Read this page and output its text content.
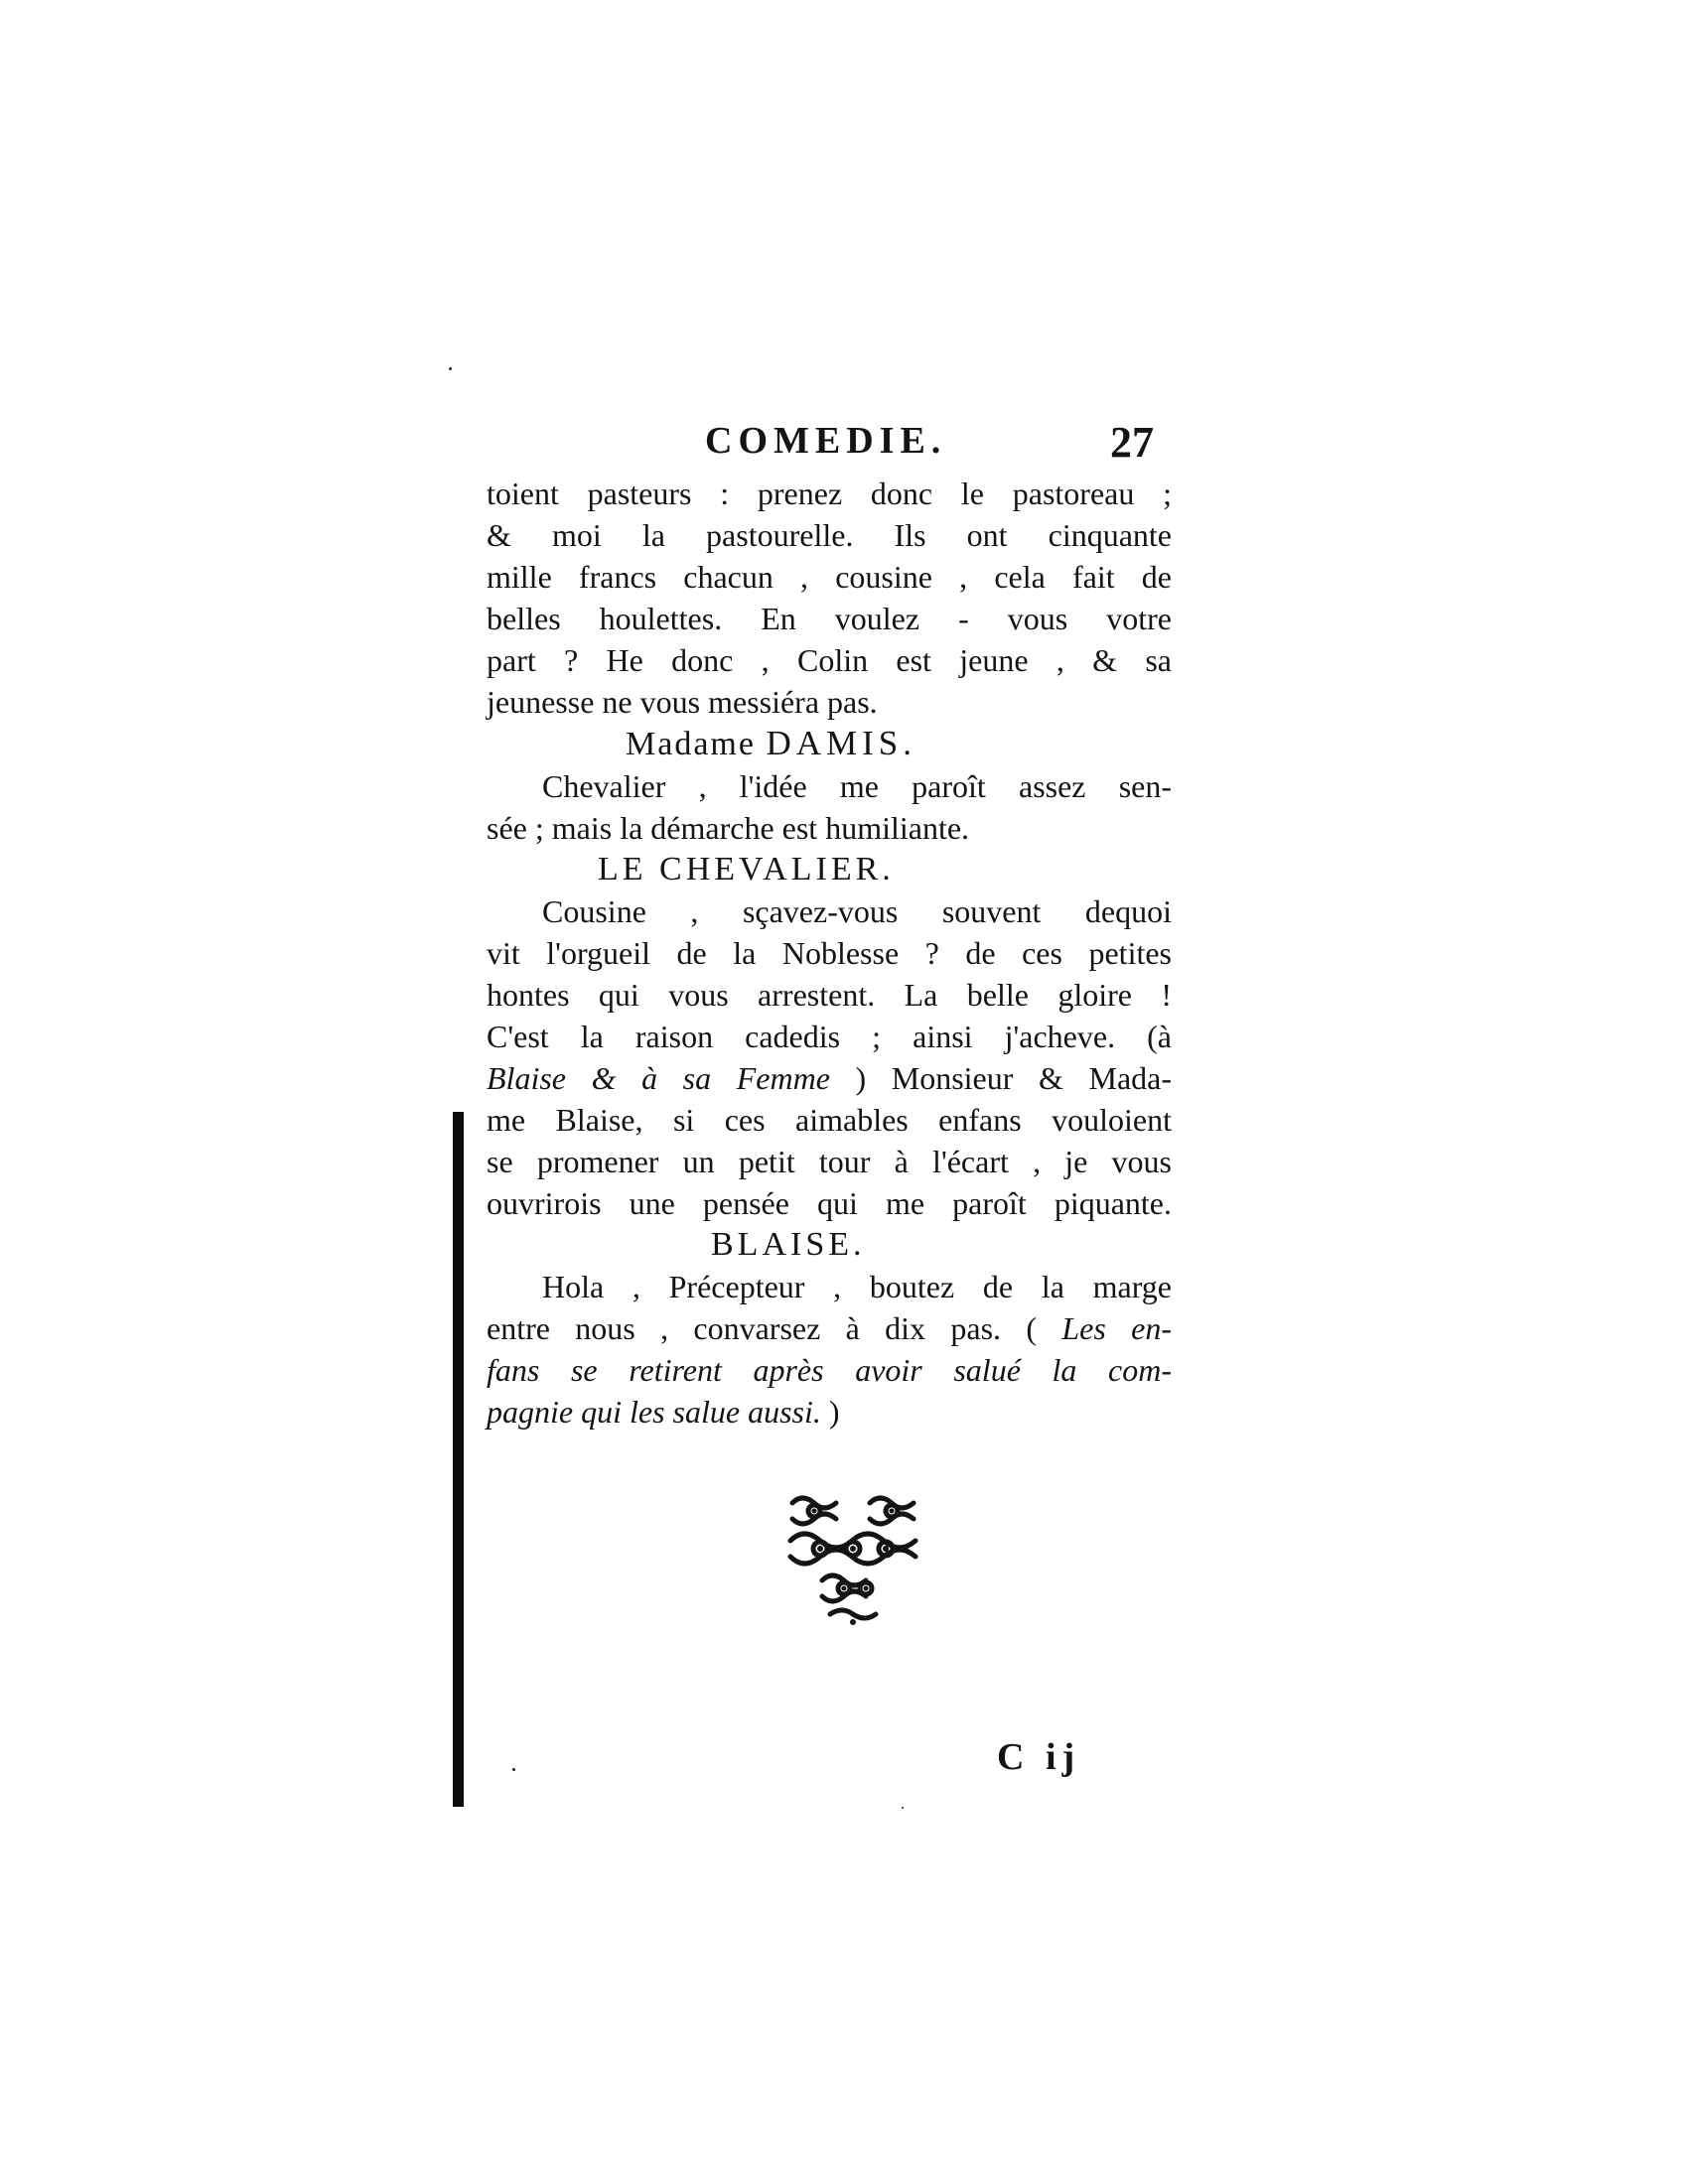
COMEDIE.	27
toient pasteurs : prenez donc le pastoreau ;
& moi la pastourelle. Ils ont cinquante
mille francs chacun , cousine , cela fait de
belles houlettes. En voulez - vous votre
part ? He donc , Colin est jeune , & sa
jeunesse ne vous messiéra pas.
Madame DAMIS.
Chevalier , l'idée me paroît assez sen-
sée ; mais la démarche est humiliante.
LE CHEVALIER.
Cousine , sçavez-vous souvent dequoi
vit l'orgueil de la Noblesse ? de ces petites
hontes qui vous arrestent. La belle gloire !
C'est la raison cadedis ; ainsi j'acheve. (à
Blaise & à sa Femme ) Monsieur & Mada-
me Blaise, si ces aimables enfans vouloient
se promener un petit tour à l'écart , je vous
ouvrirois une pensée qui me paroît piquante.
BLAISE.
Hola , Précepteur , boutez de la marge
entre nous , convarsez à dix pas. ( Les en-
fans se retirent après avoir salué la com-
pagnie qui les salue aussi. )
C ij
